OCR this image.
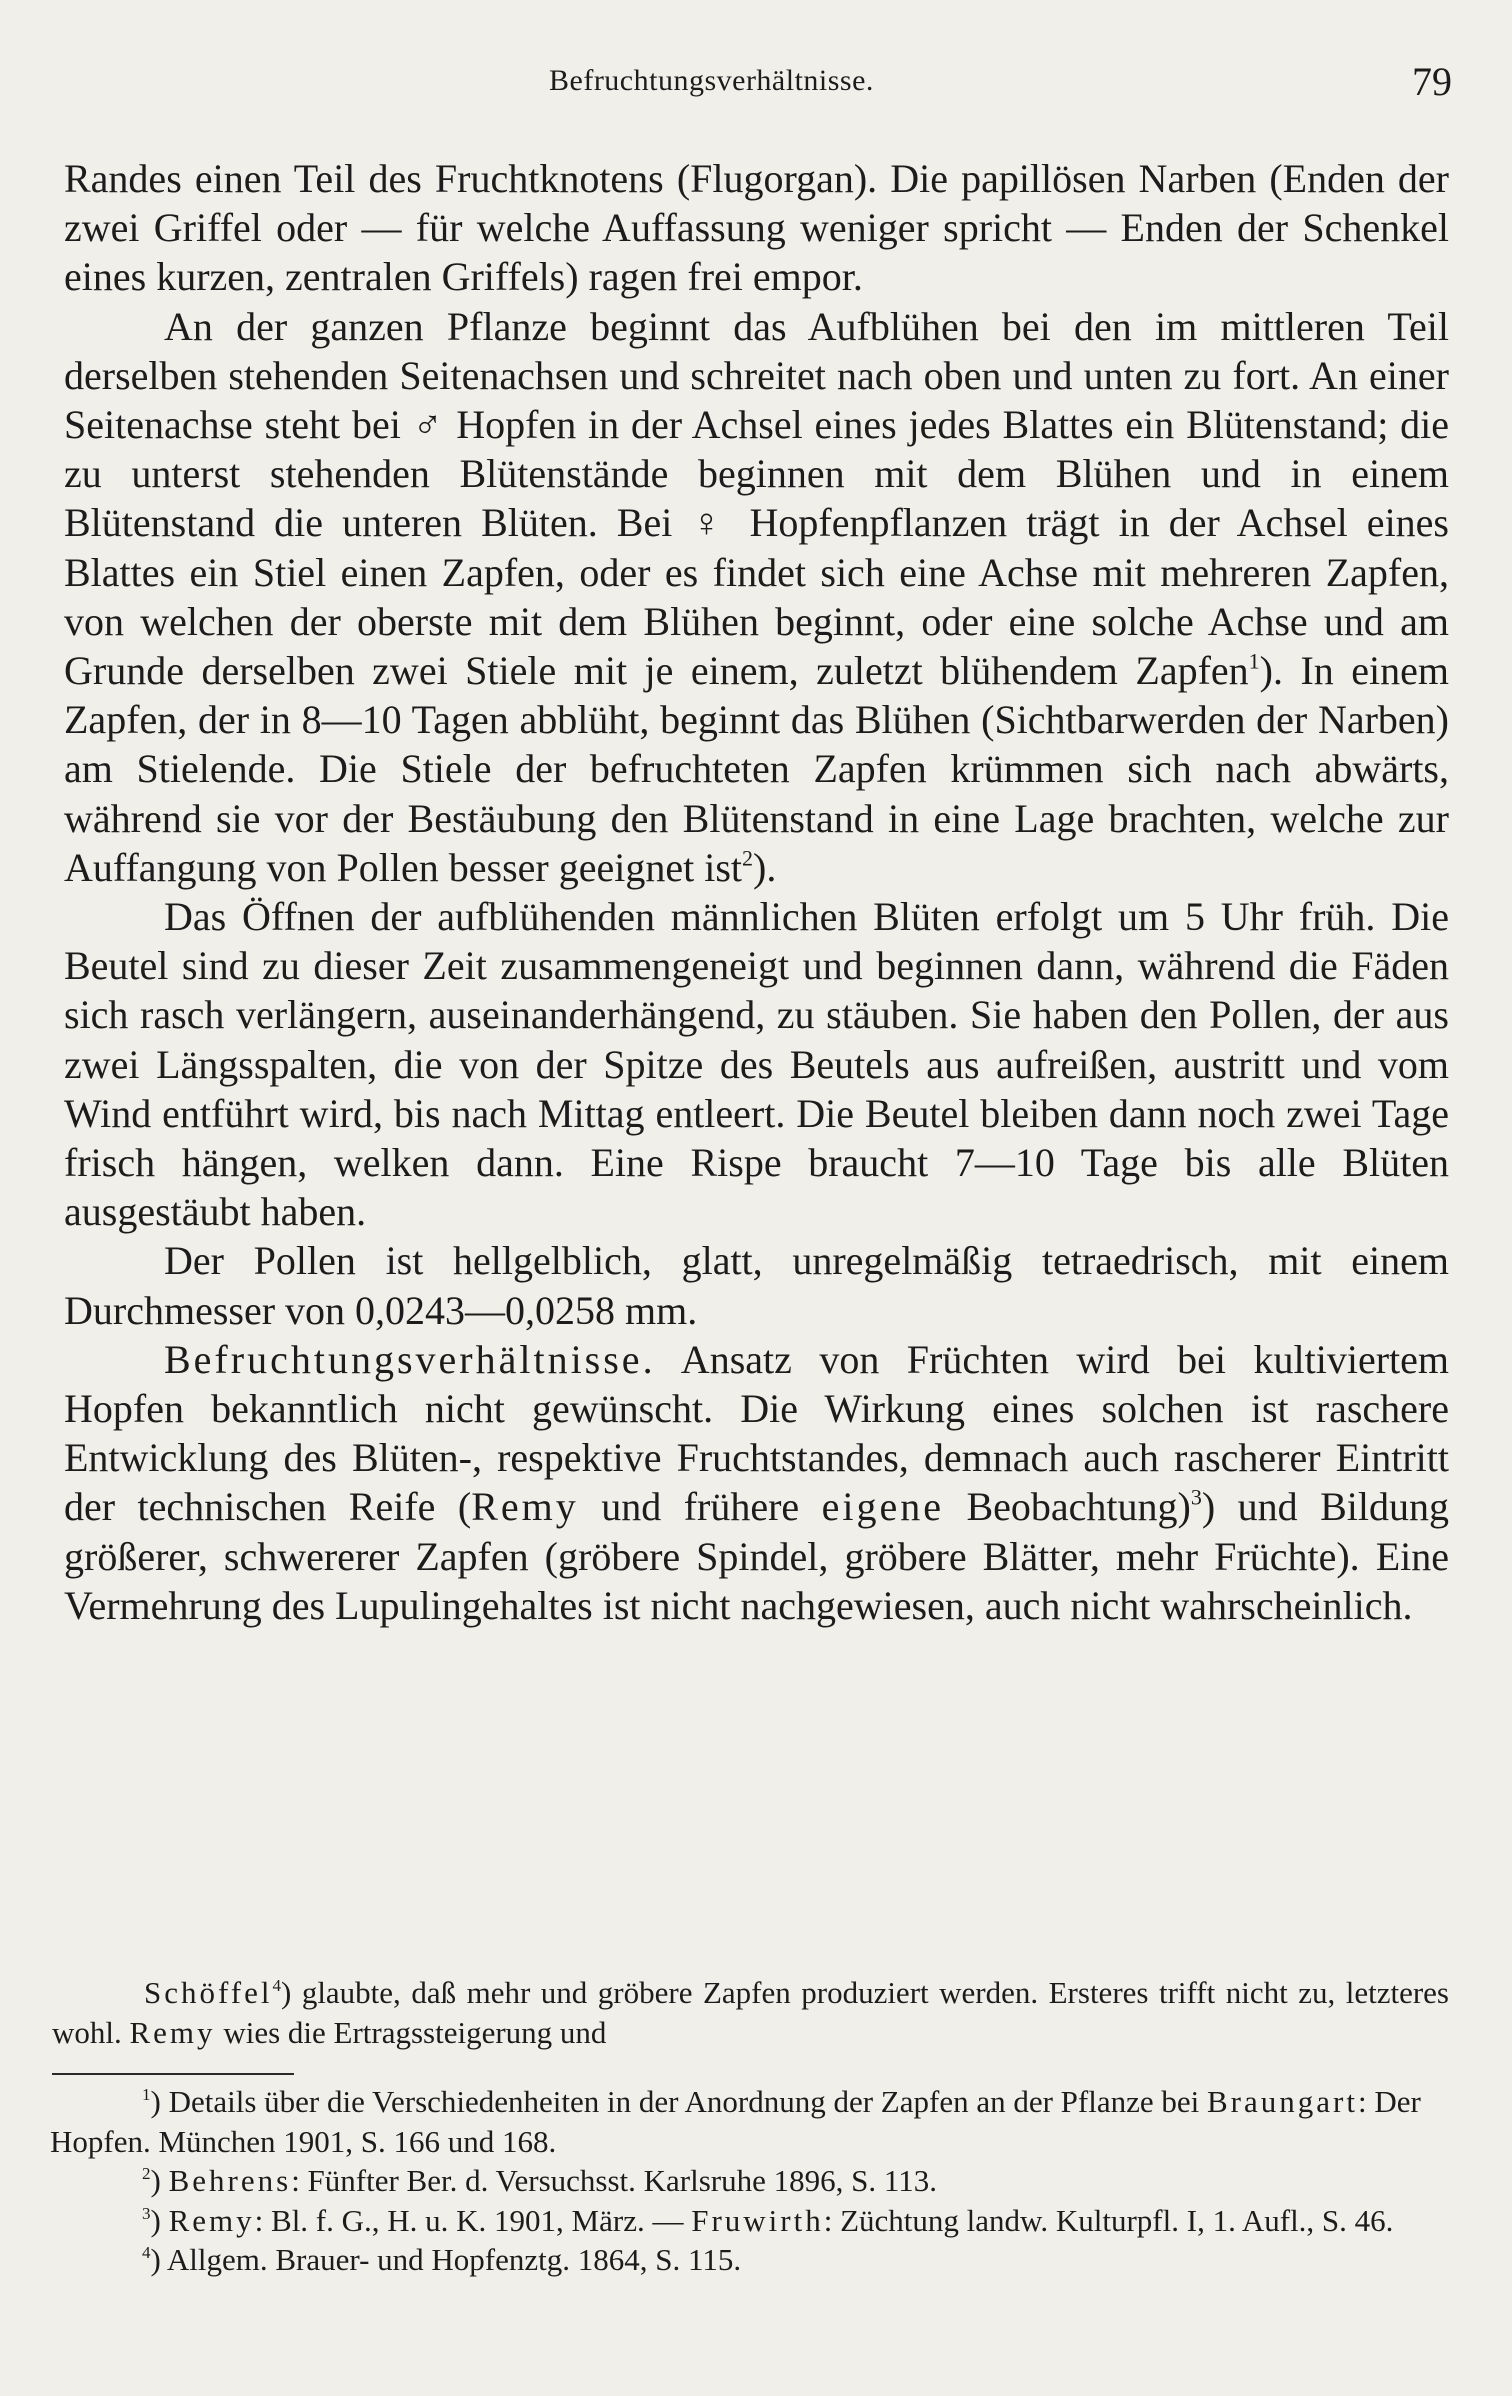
Befruchtungsverhältnisse.	79

Randes einen Teil des Fruchtknotens (Flugorgan). Die papillösen Narben (Enden der zwei Griffel oder — für welche Auffassung weniger spricht — Enden der Schenkel eines kurzen, zentralen Griffels) ragen frei empor.

An der ganzen Pflanze beginnt das Aufblühen bei den im mittleren Teil derselben stehenden Seitenachsen und schreitet nach oben und unten zu fort. An einer Seitenachse steht bei ♂ Hopfen in der Achsel eines jedes Blattes ein Blütenstand; die zu unterst stehenden Blütenstände beginnen mit dem Blühen und in einem Blütenstand die unteren Blüten. Bei ♀ Hopfenpflanzen trägt in der Achsel eines Blattes ein Stiel einen Zapfen, oder es findet sich eine Achse mit mehreren Zapfen, von welchen der oberste mit dem Blühen beginnt, oder eine solche Achse und am Grunde derselben zwei Stiele mit je einem, zuletzt blühendem Zapfen$^1$). In einem Zapfen, der in 8—10 Tagen abblüht, beginnt das Blühen (Sichtbarwerden der Narben) am Stielende. Die Stiele der befruchteten Zapfen krümmen sich nach abwärts, während sie vor der Bestäubung den Blütenstand in eine Lage brachten, welche zur Auffangung von Pollen besser geeignet ist$^2$).

Das Öffnen der aufblühenden männlichen Blüten erfolgt um 5 Uhr früh. Die Beutel sind zu dieser Zeit zusammengeneigt und beginnen dann, während die Fäden sich rasch verlängern, auseinanderhängend, zu stäuben. Sie haben den Pollen, der aus zwei Längsspalten, die von der Spitze des Beutels aus aufreißen, austritt und vom Wind entführt wird, bis nach Mittag entleert. Die Beutel bleiben dann noch zwei Tage frisch hängen, welken dann. Eine Rispe braucht 7—10 Tage bis alle Blüten ausgestäubt haben.

Der Pollen ist hellgelblich, glatt, unregelmäßig tetraedrisch, mit einem Durchmesser von 0,0243—0,0258 mm.

Befruchtungsverhältnisse. Ansatz von Früchten wird bei kultiviertem Hopfen bekanntlich nicht gewünscht. Die Wirkung eines solchen ist raschere Entwicklung des Blüten-, respektive Fruchtstandes, demnach auch rascherer Eintritt der technischen Reife (Remy und frühere eigene Beobachtung)$^3$) und Bildung größerer, schwererer Zapfen (gröbere Spindel, gröbere Blätter, mehr Früchte). Eine Vermehrung des Lupulingehaltes ist nicht nachgewiesen, auch nicht wahrscheinlich.

Schöffel$^4$) glaubte, daß mehr und gröbere Zapfen produziert werden. Ersteres trifft nicht zu, letzteres wohl. Remy wies die Ertragssteigerung und

$^1$) Details über die Verschiedenheiten in der Anordnung der Zapfen an der Pflanze bei Braungart: Der Hopfen. München 1901, S. 166 und 168.

$^2$) Behrens: Fünfter Ber. d. Versuchsst. Karlsruhe 1896, S. 113.

$^3$) Remy: Bl. f. G., H. u. K. 1901, März. — Fruwirth: Züchtung landw. Kulturpfl. I, 1. Aufl., S. 46.

$^4$) Allgem. Brauer- und Hopfenztg. 1864, S. 115.
